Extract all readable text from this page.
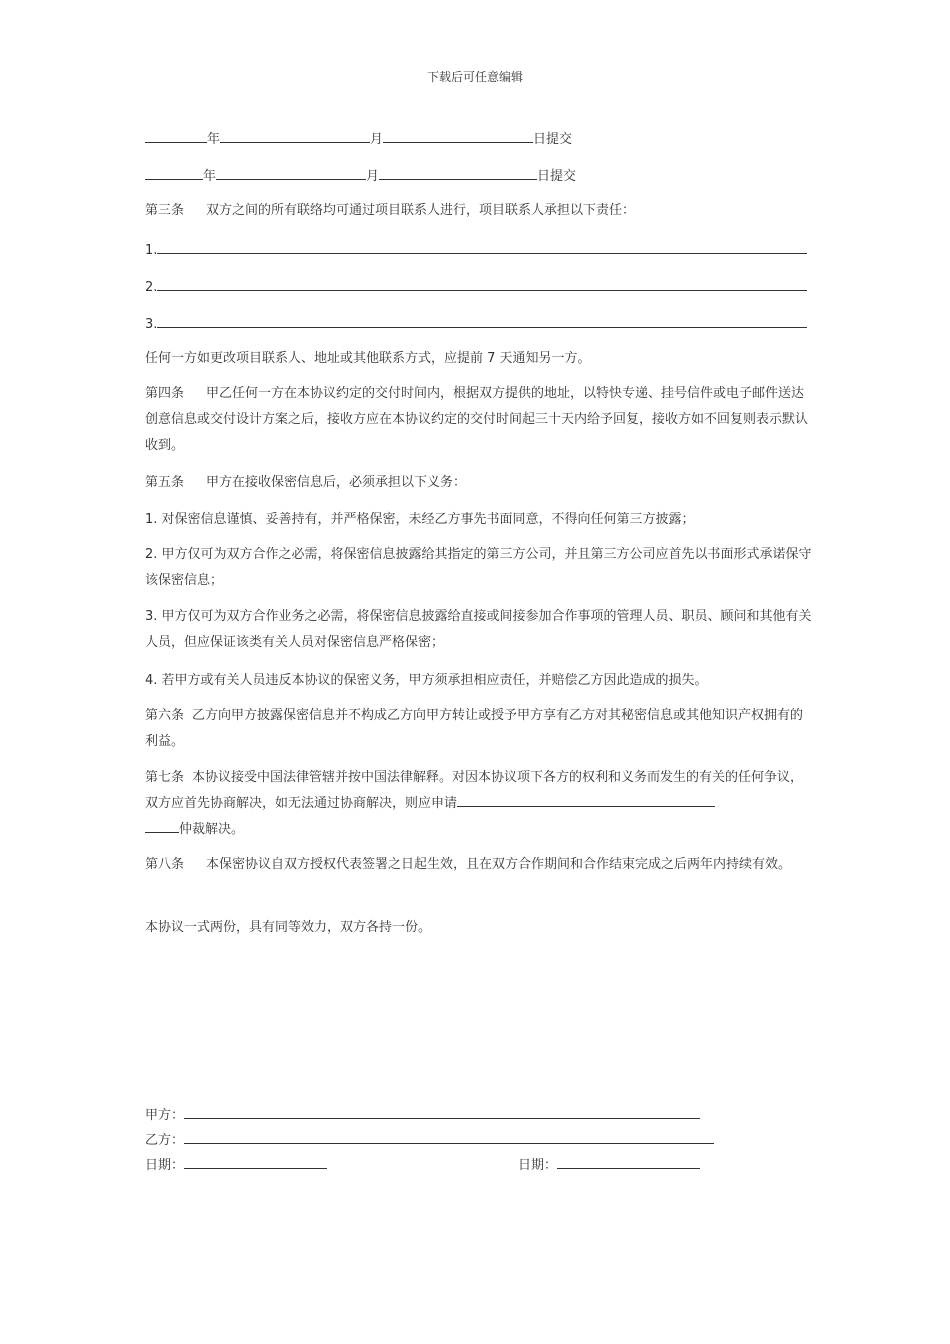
下载后可任意编辑
年	月	日提交
年	月	日提交
第三条 双方之间的所有联络均可通过项目联系人进行，项目联系人承担以下责任：
1.
2.
3.
任何一方如更改项目联系人、地址或其他联系方式，应提前 7 天通知另一方。
第四条 甲乙任何一方在本协议约定的交付时间内，根据双方提供的地址，以特快专递、挂号信件或电子邮件送达创意信息或交付设计方案之后，接收方应在本协议约定的交付时间起三十天内给予回复，接收方如不回复则表示默认收到。
第五条 甲方在接收保密信息后，必须承担以下义务：
1. 对保密信息谨慎、妥善持有，并严格保密，未经乙方事先书面同意，不得向任何第三方披露；
2. 甲方仅可为双方合作之必需，将保密信息披露给其指定的第三方公司，并且第三方公司应首先以书面形式承诺保守该保密信息；
3. 甲方仅可为双方合作业务之必需，将保密信息披露给直接或间接参加合作事项的管理人员、职员、顾问和其他有关人员，但应保证该类有关人员对保密信息严格保密；
4. 若甲方或有关人员违反本协议的保密义务，甲方须承担相应责任，并赔偿乙方因此造成的损失。
第六条 乙方向甲方披露保密信息并不构成乙方向甲方转让或授予甲方享有乙方对其秘密信息或其他知识产权拥有的利益。
第七条 本协议接受中国法律管辖并按中国法律解释。对因本协议项下各方的权利和义务而发生的有关的任何争议，双方应首先协商解决，如无法通过协商解决，则应申请
仲裁解决。
第八条 本保密协议自双方授权代表签署之日起生效，且在双方合作期间和合作结束完成之后两年内持续有效。
本协议一式两份，具有同等效力，双方各持一份。
甲方：
乙方：
日期：	日期：
